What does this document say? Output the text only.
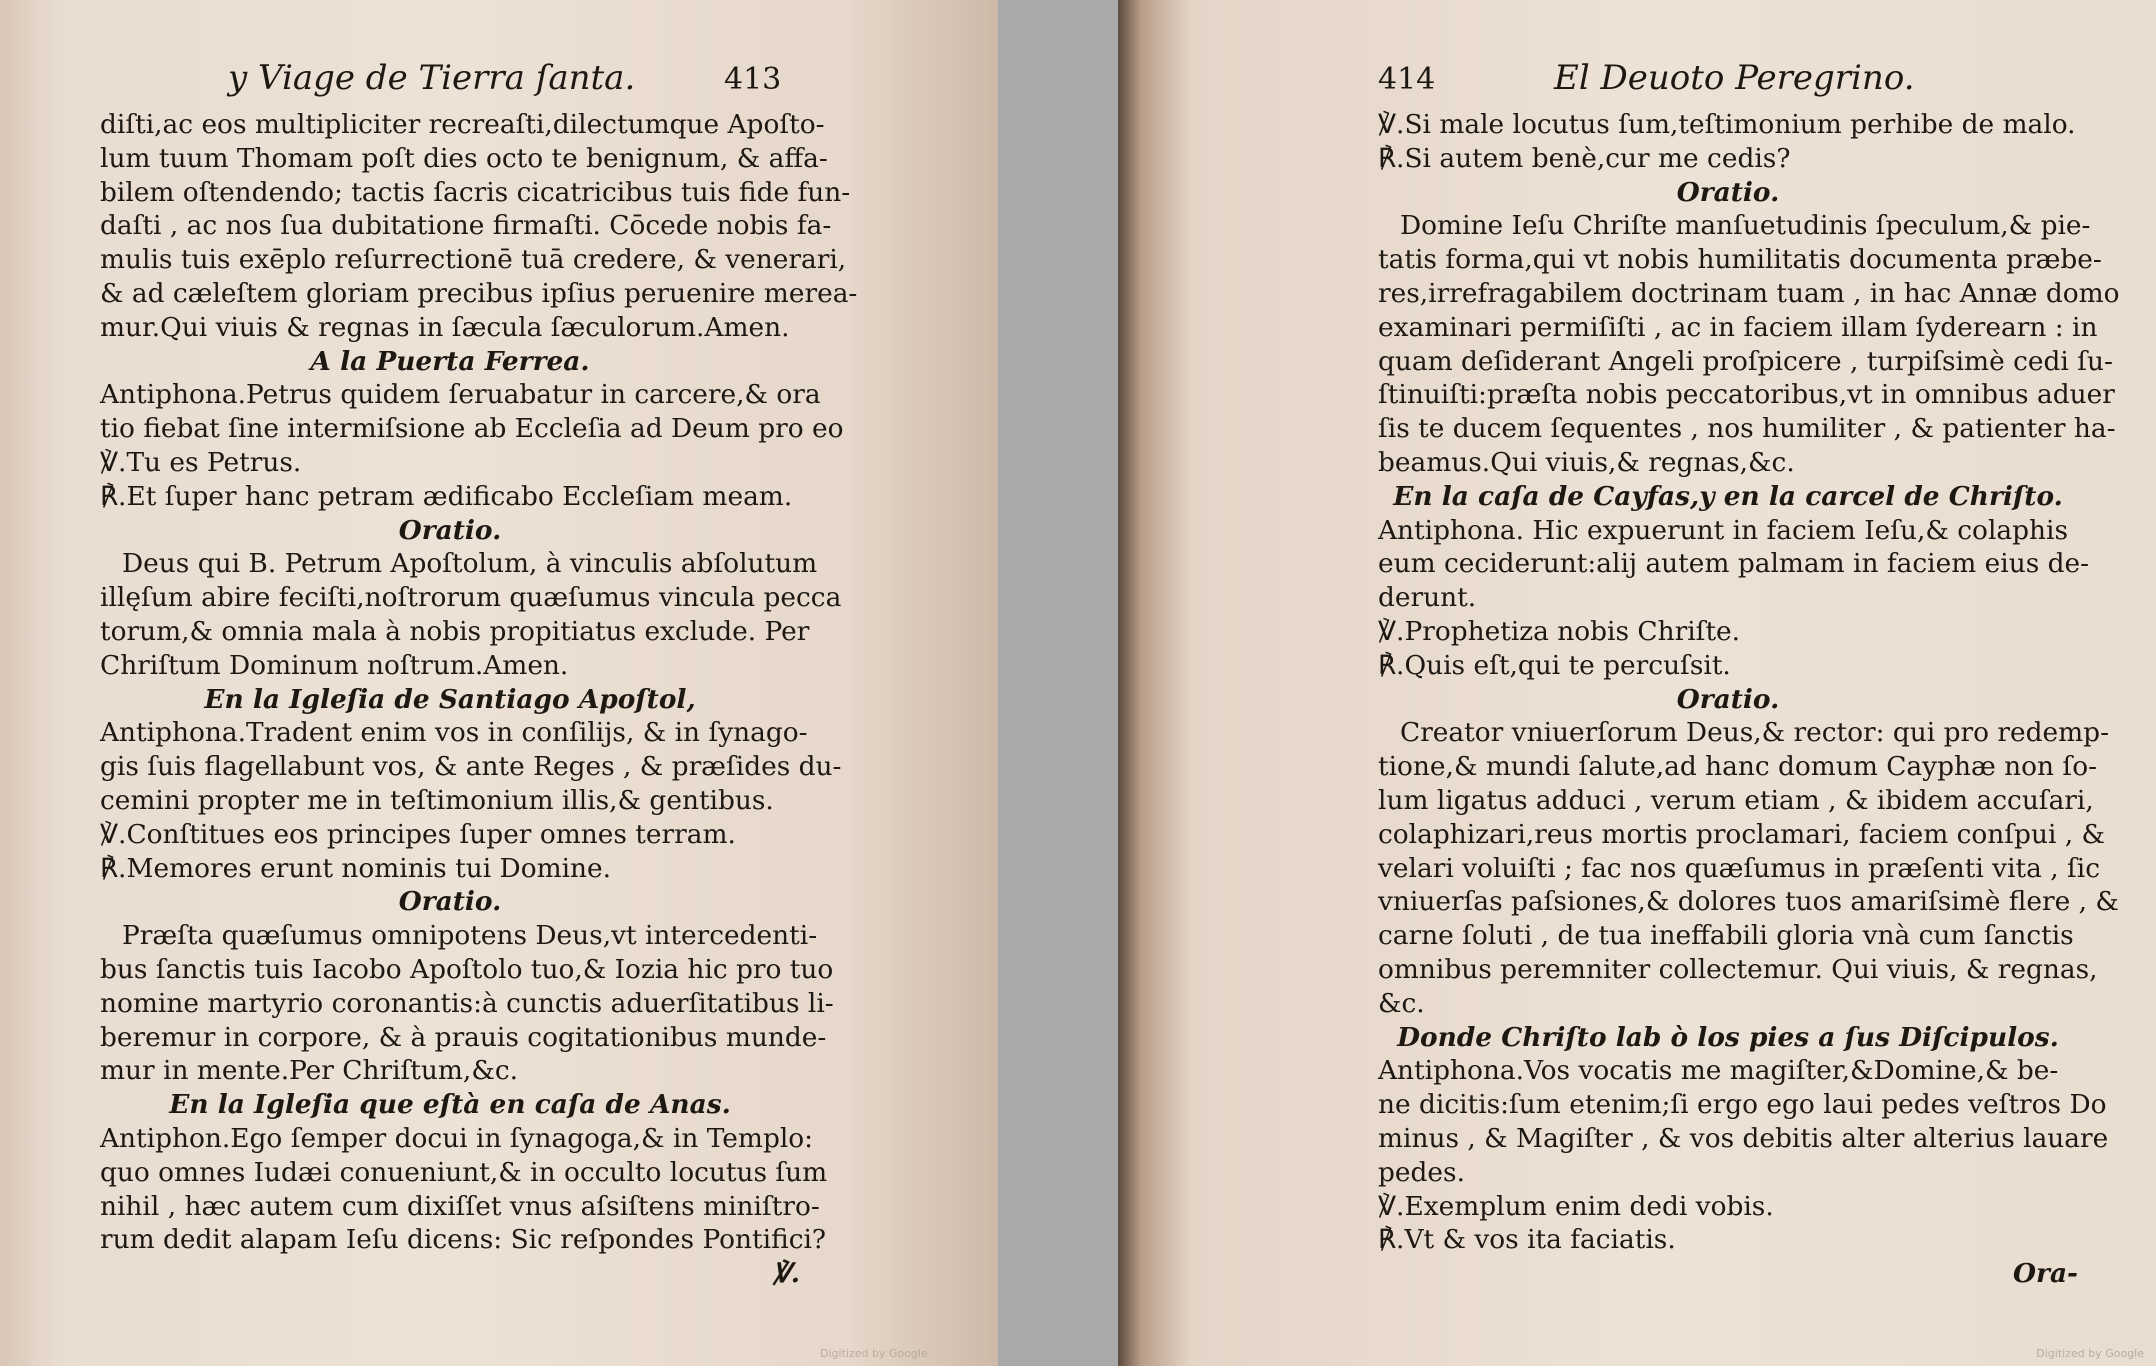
y Viage de Tierra ſanta.	413

diſti,ac eos multipliciter recreaſti,dilectumque Apoſto-

lum tuum Thomam poſt dies octo te benignum, & affa-

bilem oſtendendo; tactis ſacris cicatricibus tuis fide fun-

daſti , ac nos ſua dubitatione firmaſti. Cōcede nobis fa-

mulis tuis exēplo reſurrectionē tuā credere, & venerari,

& ad cæleſtem gloriam precibus ipſius peruenire merea-

mur.Qui viuis & regnas in ſæcula ſæculorum.Amen.

A la Puerta Ferrea.

Antiphona.Petrus quidem ſeruabatur in carcere,& ora

tio fiebat ſine intermiſsione ab Eccleſia ad Deum pro eo

℣.Tu es Petrus.

℟.Et ſuper hanc petram ædificabo Eccleſiam meam.

Oratio.

Deus qui B. Petrum Apoſtolum, à vinculis abſolutum

illęſum abire feciſti,noſtrorum quæſumus vincula pecca

torum,& omnia mala à nobis propitiatus exclude. Per

Chriſtum Dominum noſtrum.Amen.

En la Igleſia de Santiago Apoſtol,

Antiphona.Tradent enim vos in conſilijs, & in ſynago-

gis ſuis flagellabunt vos, & ante Reges , & præſides du-

cemini propter me in teſtimonium illis,& gentibus.

℣.Conſtitues eos principes ſuper omnes terram.

℟.Memores erunt nominis tui Domine.

Oratio.

Præſta quæſumus omnipotens Deus,vt intercedenti-

bus ſanctis tuis Iacobo Apoſtolo tuo,& Iozia hic pro tuo

nomine martyrio coronantis:à cunctis aduerſitatibus li-

beremur in corpore, & à prauis cogitationibus munde-

mur in mente.Per Chriſtum,&c.

En la Igleſia que eſtà en caſa de Anas.

Antiphon.Ego ſemper docui in ſynagoga,& in Templo:

quo omnes Iudæi conueniunt,& in occulto locutus ſum

nihil , hæc autem cum dixiſſet vnus aſsiſtens miniſtro-

rum dedit alapam Ieſu dicens: Sic reſpondes Pontifici?

℣.

Digitized by Google
414	El Deuoto Peregrino.

℣.Si male locutus ſum,teſtimonium perhibe de malo.

℟.Si autem benè,cur me cedis?

Oratio.

Domine Ieſu Chriſte manſuetudinis ſpeculum,& pie-

tatis forma,qui vt nobis humilitatis documenta præbe-

res,irrefragabilem doctrinam tuam , in hac Annæ domo

examinari permiſiſti , ac in faciem illam ſyderearn : in

quam deſiderant Angeli proſpicere , turpiſsimè cedi ſu-

ſtinuiſti:præſta nobis peccatoribus,vt in omnibus aduer

ſis te ducem ſequentes , nos humiliter , & patienter ha-

beamus.Qui viuis,& regnas,&c.

En la caſa de Cayfas,y en la carcel de Chriſto.

Antiphona. Hic expuerunt in faciem Ieſu,& colaphis

eum ceciderunt:alij autem palmam in faciem eius de-

derunt.

℣.Prophetiza nobis Chriſte.

℟.Quis eſt,qui te percuſsit.

Oratio.

Creator vniuerſorum Deus,& rector: qui pro redemp-

tione,& mundi ſalute,ad hanc domum Cayphæ non ſo-

lum ligatus adduci , verum etiam , & ibidem accuſari,

colaphizari,reus mortis proclamari, faciem conſpui , &

velari voluiſti ; fac nos quæſumus in præſenti vita , ſic

vniuerſas paſsiones,& dolores tuos amariſsimè flere , &

carne ſoluti , de tua ineffabili gloria vnà cum ſanctis

omnibus peremniter collectemur. Qui viuis, & regnas,

&c.

Donde Chriſto lab ò los pies a ſus Diſcipulos.

Antiphona.Vos vocatis me magiſter,&Domine,& be-

ne dicitis:ſum etenim;ſi ergo ego laui pedes veſtros Do

minus , & Magiſter , & vos debitis alter alterius lauare

pedes.

℣.Exemplum enim dedi vobis.

℟.Vt & vos ita faciatis.

Ora-

Digitized by Google
